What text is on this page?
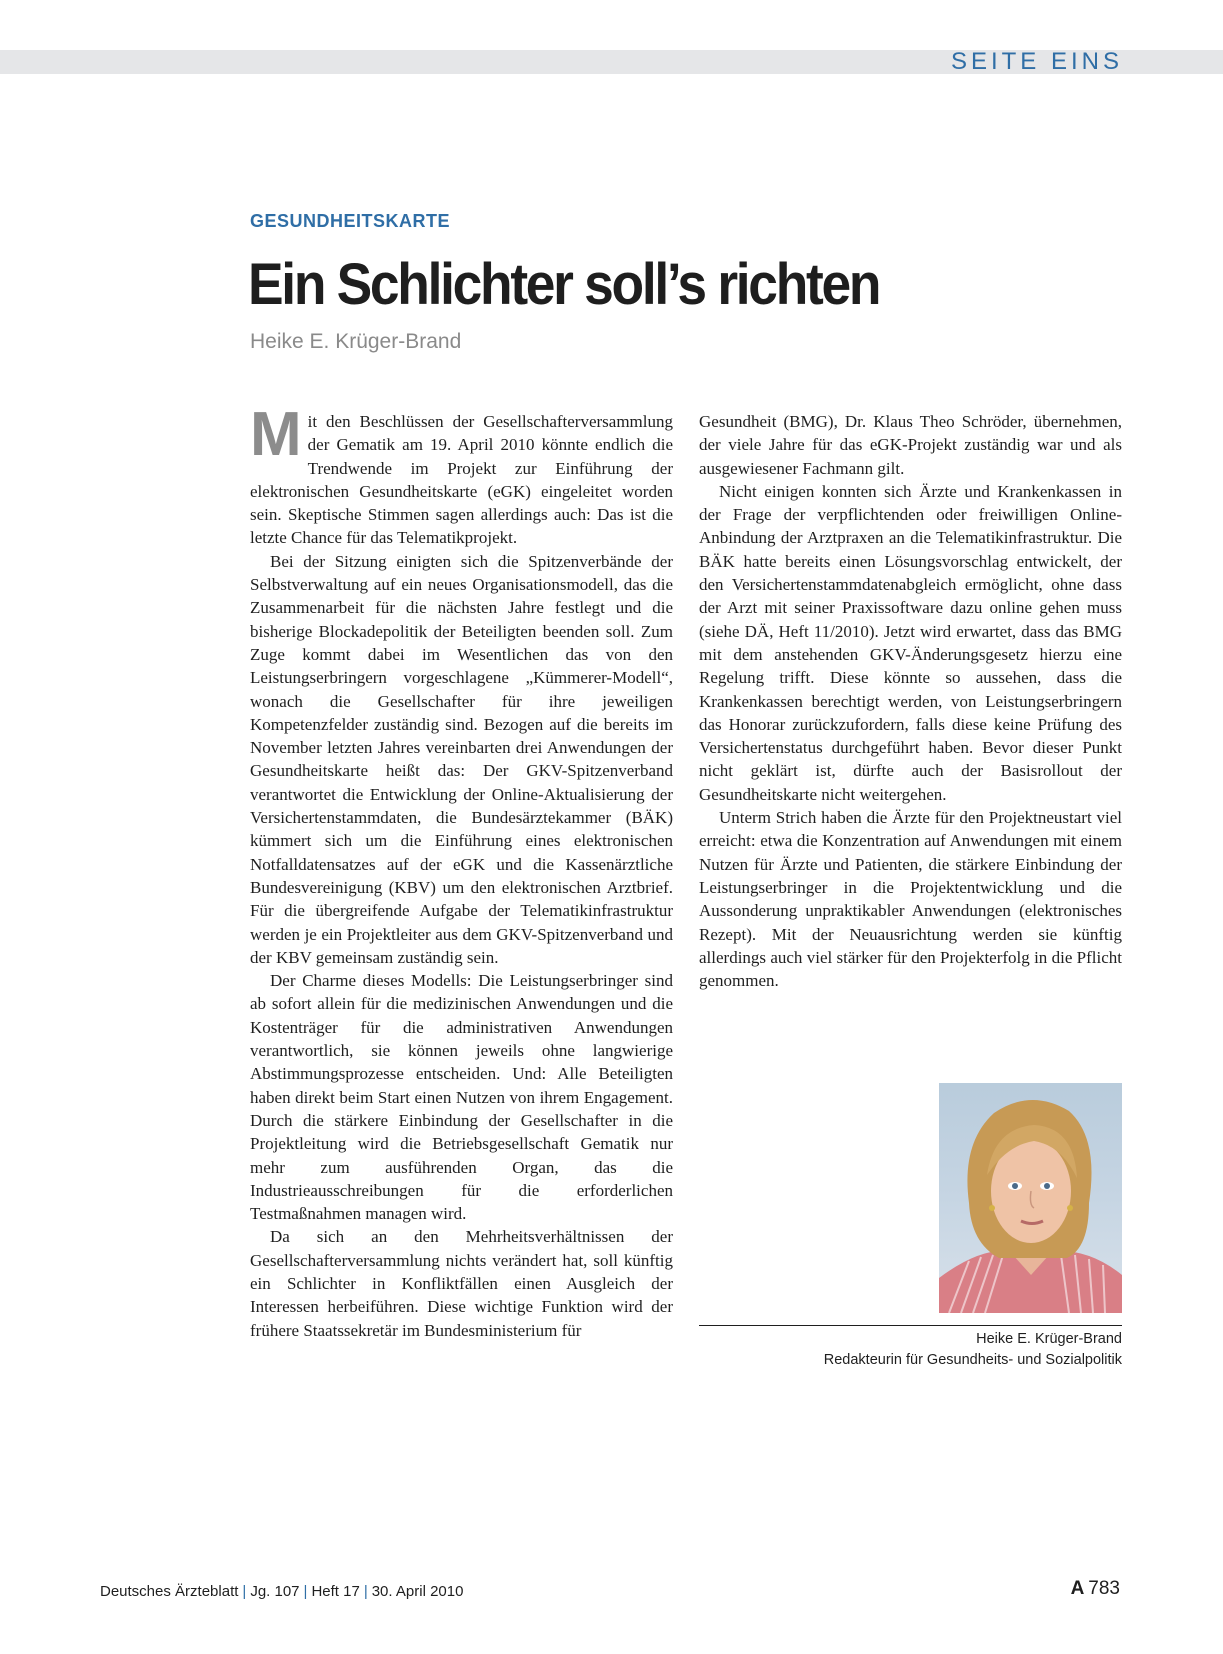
SEITE EINS
GESUNDHEITSKARTE
Ein Schlichter soll’s richten
Heike E. Krüger-Brand

Mit den Beschlüssen der Gesellschafterversammlung der Gematik am 19. April 2010 könnte endlich die Trendwende im Projekt zur Einführung der elektronischen Gesundheitskarte (eGK) eingeleitet worden sein. Skeptische Stimmen sagen allerdings auch: Das ist die letzte Chance für das Telematikprojekt.

Bei der Sitzung einigten sich die Spitzenverbände der Selbstverwaltung auf ein neues Organisationsmodell, das die Zusammenarbeit für die nächsten Jahre festlegt und die bisherige Blockadepolitik der Beteiligten beenden soll. Zum Zuge kommt dabei im Wesentlichen das von den Leistungserbringern vorgeschlagene „Kümmerer-Modell“, wonach die Gesellschafter für ihre jeweiligen Kompetenzfelder zuständig sind. Bezogen auf die bereits im November letzten Jahres vereinbarten drei Anwendungen der Gesundheitskarte heißt das: Der GKV-Spitzenverband verantwortet die Entwicklung der Online-Aktualisierung der Versichertenstammdaten, die Bundesärztekammer (BÄK) kümmert sich um die Einführung eines elektronischen Notfalldatensatzes auf der eGK und die Kassenärztliche Bundesvereinigung (KBV) um den elektronischen Arztbrief. Für die übergreifende Aufgabe der Telematikinfrastruktur werden je ein Projektleiter aus dem GKV-Spitzenverband und der KBV gemeinsam zuständig sein.

Der Charme dieses Modells: Die Leistungserbringer sind ab sofort allein für die medizinischen Anwendungen und die Kostenträger für die administrativen Anwendungen verantwortlich, sie können jeweils ohne langwierige Abstimmungsprozesse entscheiden. Und: Alle Beteiligten haben direkt beim Start einen Nutzen von ihrem Engagement. Durch die stärkere Einbindung der Gesellschafter in die Projektleitung wird die Betriebsgesellschaft Gematik nur mehr zum ausführenden Organ, das die Industrieausschreibungen für die erforderlichen Testmaßnahmen managen wird.

Da sich an den Mehrheitsverhältnissen der Gesellschafterversammlung nichts verändert hat, soll künftig ein Schlichter in Konfliktfällen einen Ausgleich der Interessen herbeiführen. Diese wichtige Funktion wird der frühere Staatssekretär im Bundesministerium für

Gesundheit (BMG), Dr. Klaus Theo Schröder, übernehmen, der viele Jahre für das eGK-Projekt zuständig war und als ausgewiesener Fachmann gilt.

Nicht einigen konnten sich Ärzte und Krankenkassen in der Frage der verpflichtenden oder freiwilligen Online-Anbindung der Arztpraxen an die Telematikinfrastruktur. Die BÄK hatte bereits einen Lösungsvorschlag entwickelt, der den Versichertenstammdatenabgleich ermöglicht, ohne dass der Arzt mit seiner Praxissoftware dazu online gehen muss (siehe DÄ, Heft 11/2010). Jetzt wird erwartet, dass das BMG mit dem anstehenden GKV-Änderungsgesetz hierzu eine Regelung trifft. Diese könnte so aussehen, dass die Krankenkassen berechtigt werden, von Leistungserbringern das Honorar zurückzufordern, falls diese keine Prüfung des Versichertenstatus durchgeführt haben. Bevor dieser Punkt nicht geklärt ist, dürfte auch der Basisrollout der Gesundheitskarte nicht weitergehen.

Unterm Strich haben die Ärzte für den Projektneustart viel erreicht: etwa die Konzentration auf Anwendungen mit einem Nutzen für Ärzte und Patienten, die stärkere Einbindung der Leistungserbringer in die Projektentwicklung und die Aussonderung unpraktikabler Anwendungen (elektronisches Rezept). Mit der Neuausrichtung werden sie künftig allerdings auch viel stärker für den Projekterfolg in die Pflicht genommen.

Heike E. Krüger-Brand
Redakteurin für Gesundheits- und Sozialpolitik
Deutsches Ärzteblatt | Jg. 107 | Heft 17 | 30. April 2010	A 783
